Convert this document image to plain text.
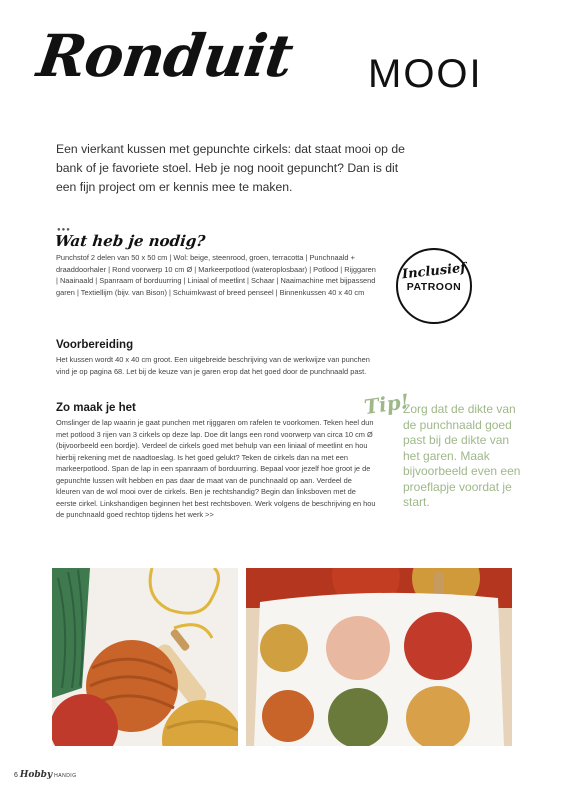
Ronduit MOOI
Een vierkant kussen met gepunchte cirkels: dat staat mooi op de bank of je favoriete stoel. Heb je nog nooit gepuncht? Dan is dit een fijn project om er kennis mee te maken.
●●●
Wat heb je nodig?
Punchstof 2 delen van 50 x 50 cm | Wol: beige, steenrood, groen, terracotta | Punchnaald + draaddoorhaler | Rond voorwerp 10 cm Ø | Markeerpotlood (wateroplosbaar) | Potlood | Rijggaren | Naainaald | Spanraam of borduurring | Liniaal of meetlint | Schaar | Naaimachine met bijpassend garen | Textiellijm (bijv. van Bison) | Schuimkwast of breed penseel | Binnenkussen 40 x 40 cm
Inclusief
PATROON
Voorbereiding
Het kussen wordt 40 x 40 cm groot. Een uitgebreide beschrijving van de werkwijze van punchen vind je op pagina 68. Let bij de keuze van je garen erop dat het goed door de punchnaald past.
Zo maak je het
Omslinger de lap waarin je gaat punchen met rijggaren om rafelen te voorkomen. Teken heel dun met potlood 3 rijen van 3 cirkels op deze lap. Doe dit langs een rond voorwerp van circa 10 cm Ø (bijvoorbeeld een bordje). Verdeel de cirkels goed met behulp van een liniaal of meetlint en hou hierbij rekening met de naadtoeslag. Is het goed gelukt? Teken de cirkels dan na met een markeerpotlood. Span de lap in een spanraam of borduurring. Bepaal voor jezelf hoe groot je de gepunchte lussen wilt hebben en pas daar de maat van de punchnaald op aan. Verdeel de kleuren van de wol mooi over de cirkels. Ben je rechtshandig? Begin dan linksboven met de eerste cirkel. Linkshandigen beginnen het best rechtsboven. Werk volgens de beschrijving en hou de punchnaald goed rechtop tijdens het werk >>
Tip!
Zorg dat de dikte van de punchnaald goed past bij de dikte van het garen. Maak bijvoorbeeld even een proeflapje voordat je start.
6 Hobby HANDIG	PassionForum.ru
